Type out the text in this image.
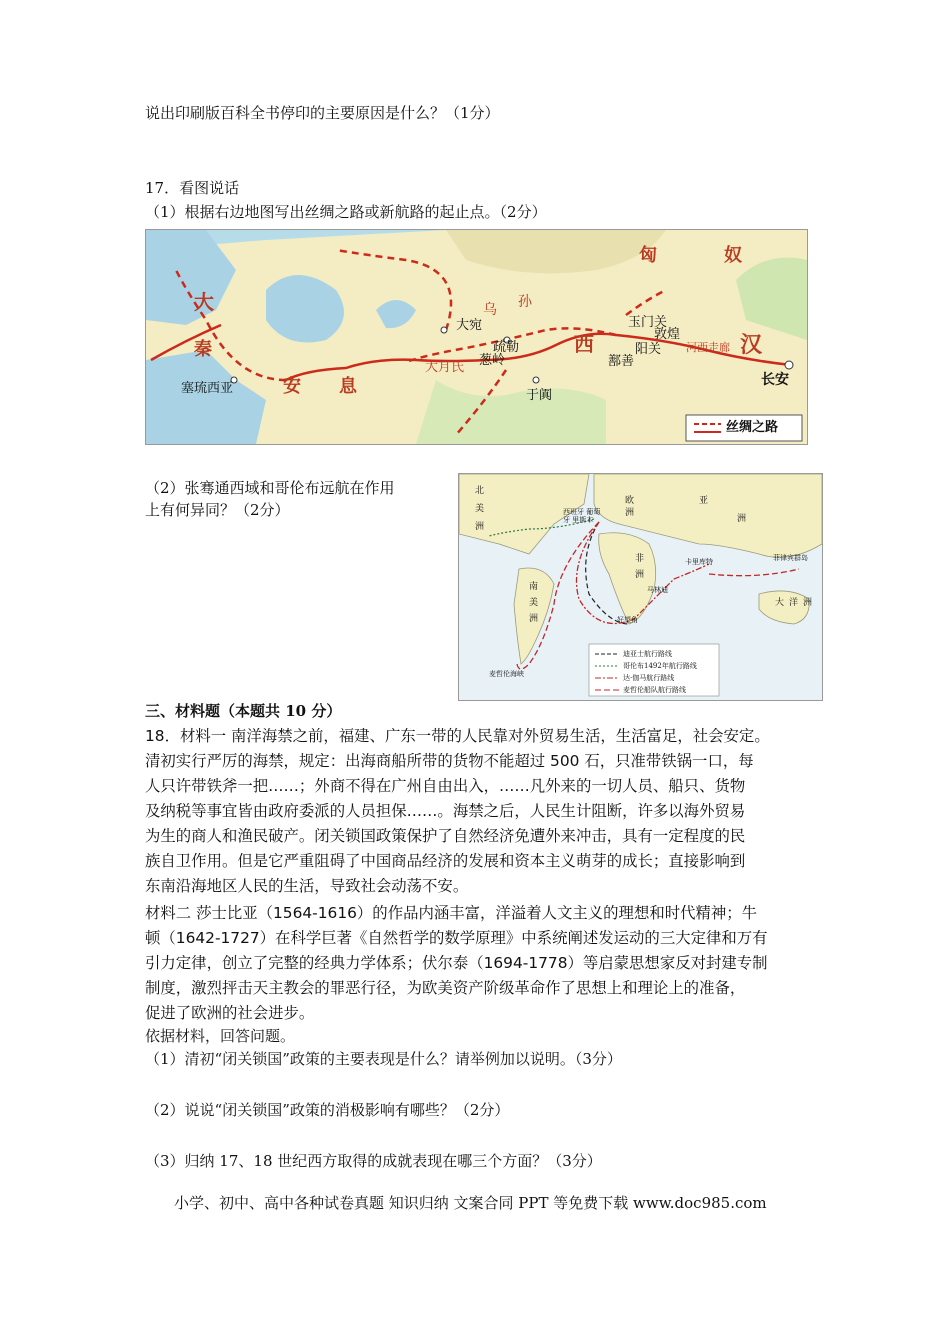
说出印刷版百科全书停印的主要原因是什么？（1分）
17．看图说话
（1）根据右边地图写出丝绸之路或新航路的起止点。（2分）
匈	奴
乌 孙
大宛
疏勒
葱岭
于阗
大月氏
西
鄯善
玉门关
阳关
敦煌
河西走廊 汉
长安
大
秦
塞琉西亚	安 息
丝绸之路
（2）张骞通西域和哥伦布远航在作用
上有何异同？（2分）
北
美
洲
欧
洲
亚
洲
非
洲
南
美
洲
大 洋 洲
西班牙 葡萄牙 里斯本
卡里库特
马林迪
好望角
菲律宾群岛
麦哲伦海峡
迪亚士航行路线
哥伦布1492年航行路线
达·伽马航行路线
麦哲伦船队航行路线
三、材料题（本题共 10 分）

18．材料一 南洋海禁之前，福建、广东一带的人民靠对外贸易生活，生活富足，社会安定。

清初实行严厉的海禁，规定：出海商船所带的货物不能超过 500 石，只准带铁锅一口，每

人只许带铁斧一把……；外商不得在广州自由出入，……凡外来的一切人员、船只、货物

及纳税等事宜皆由政府委派的人员担保……。海禁之后，人民生计阻断，许多以海外贸易

为生的商人和渔民破产。闭关锁国政策保护了自然经济免遭外来冲击，具有一定程度的民

族自卫作用。但是它严重阻碍了中国商品经济的发展和资本主义萌芽的成长；直接影响到

东南沿海地区人民的生活，导致社会动荡不安。

材料二 莎士比亚（1564-1616）的作品内涵丰富，洋溢着人文主义的理想和时代精神；牛

顿（1642-1727）在科学巨著《自然哲学的数学原理》中系统阐述发运动的三大定律和万有

引力定律，创立了完整的经典力学体系；伏尔泰（1694-1778）等启蒙思想家反对封建专制

制度，激烈抨击天主教会的罪恶行径，为欧美资产阶级革命作了思想上和理论上的准备，

促进了欧洲的社会进步。

依据材料，回答问题。
（1）清初“闭关锁国”政策的主要表现是什么？请举例加以说明。（3分）
（2）说说“闭关锁国”政策的消极影响有哪些？（2分）
（3）归纳 17、18 世纪西方取得的成就表现在哪三个方面？（3分）
小学、初中、高中各种试卷真题 知识归纳 文案合同 PPT 等免费下载 www.doc985.com
